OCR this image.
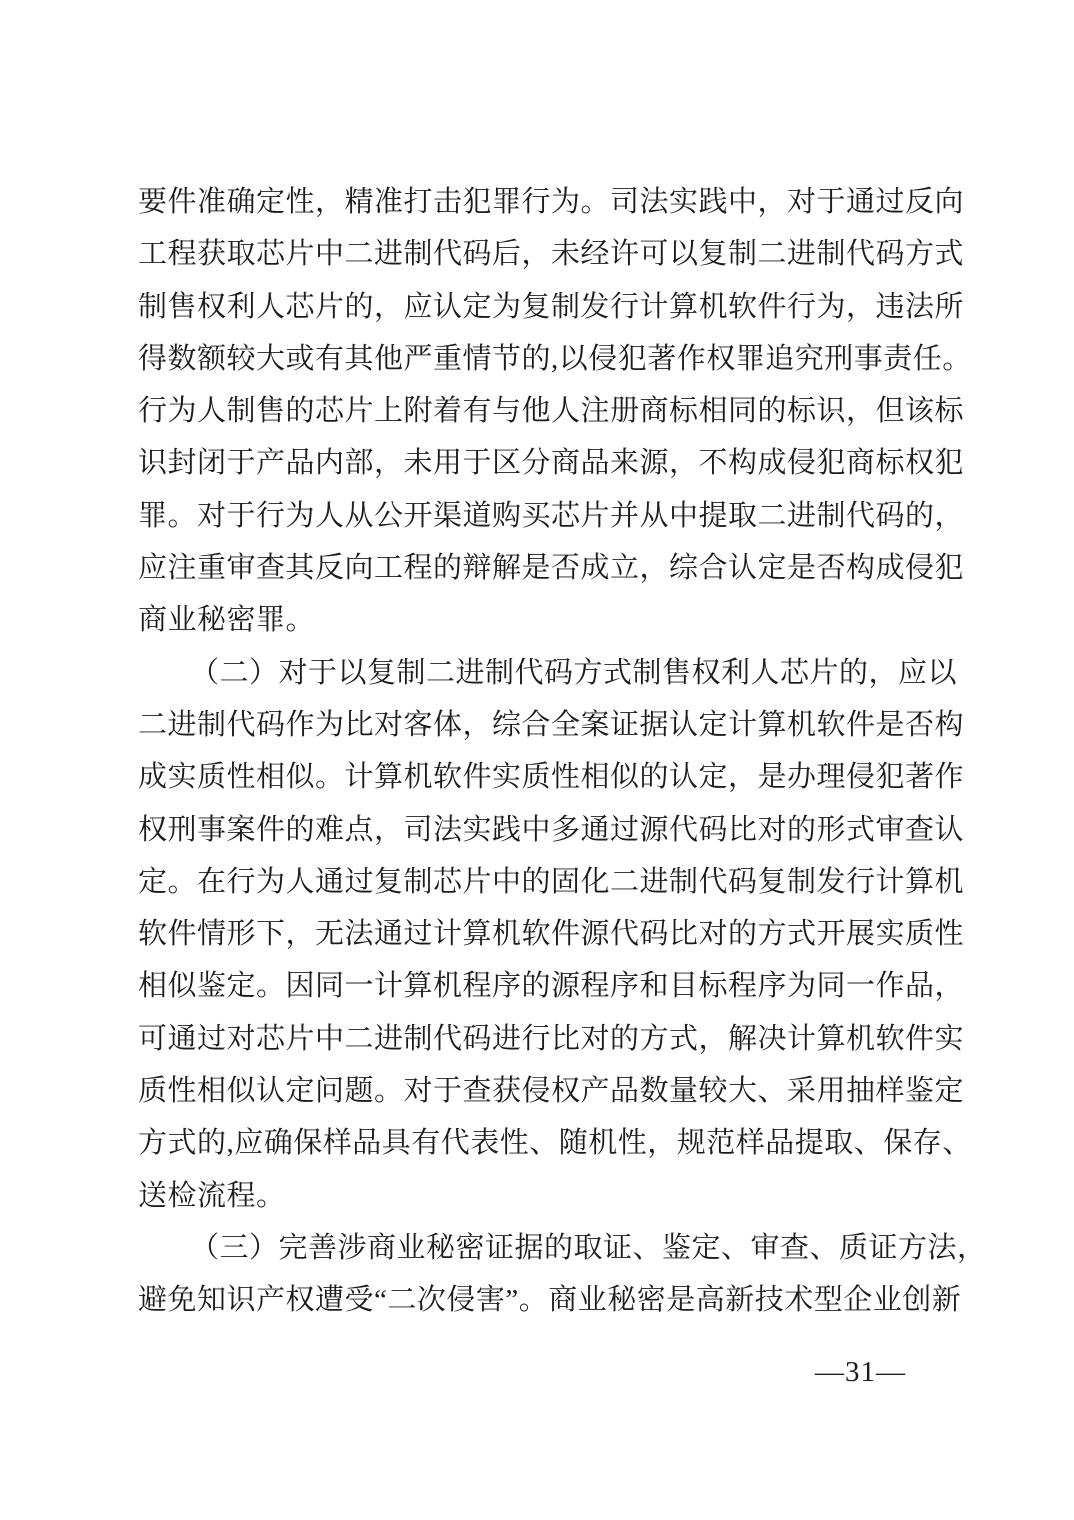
要件准确定性，精准打击犯罪行为。司法实践中，对于通过反向
工程获取芯片中二进制代码后，未经许可以复制二进制代码方式
制售权利人芯片的，应认定为复制发行计算机软件行为，违法所
得数额较大或有其他严重情节的,以侵犯著作权罪追究刑事责任。
行为人制售的芯片上附着有与他人注册商标相同的标识，但该标
识封闭于产品内部，未用于区分商品来源，不构成侵犯商标权犯
罪。对于行为人从公开渠道购买芯片并从中提取二进制代码的，
应注重审查其反向工程的辩解是否成立，综合认定是否构成侵犯
商业秘密罪。
（二）对于以复制二进制代码方式制售权利人芯片的，应以
二进制代码作为比对客体，综合全案证据认定计算机软件是否构
成实质性相似。计算机软件实质性相似的认定，是办理侵犯著作
权刑事案件的难点，司法实践中多通过源代码比对的形式审查认
定。在行为人通过复制芯片中的固化二进制代码复制发行计算机
软件情形下，无法通过计算机软件源代码比对的方式开展实质性
相似鉴定。因同一计算机程序的源程序和目标程序为同一作品，
可通过对芯片中二进制代码进行比对的方式，解决计算机软件实
质性相似认定问题。对于查获侵权产品数量较大、采用抽样鉴定
方式的,应确保样品具有代表性、随机性，规范样品提取、保存、
送检流程。
（三）完善涉商业秘密证据的取证、鉴定、审查、质证方法，
避免知识产权遭受“二次侵害”。商业秘密是高新技术型企业创新
—31—
